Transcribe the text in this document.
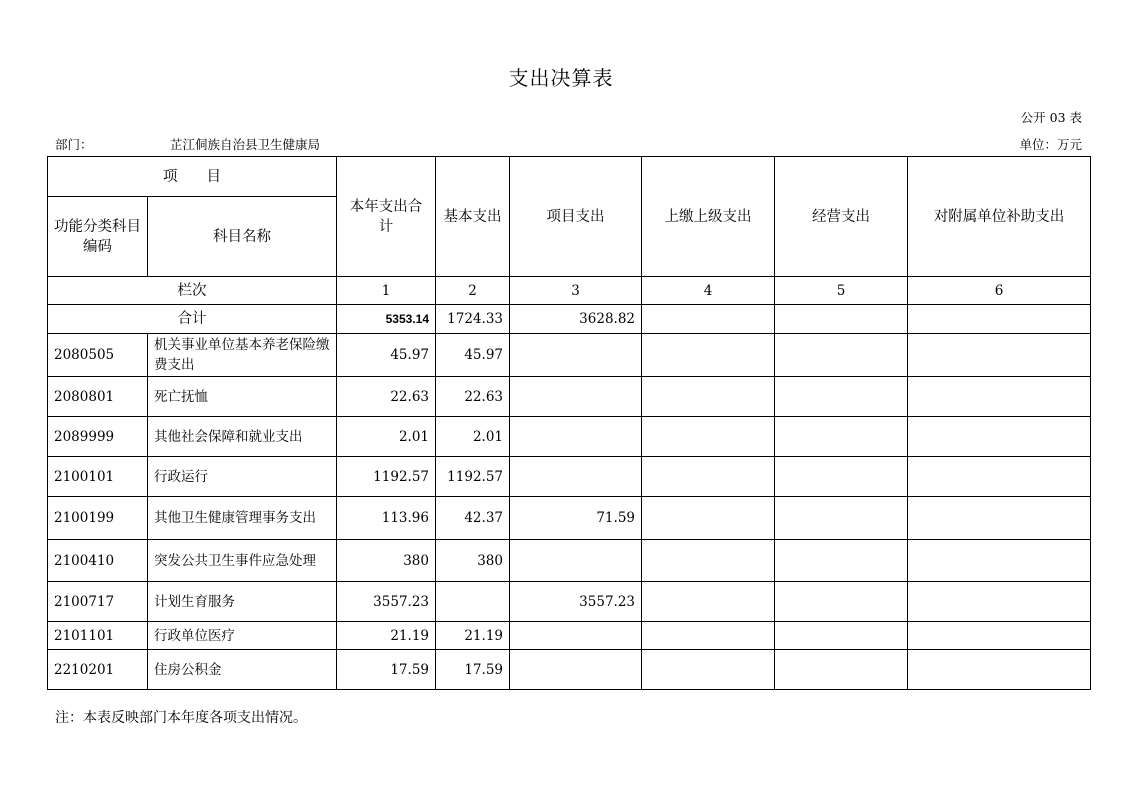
支出决算表
公开 03 表
部门：	芷江侗族自治县卫生健康局	单位：万元
项　　目		本年支出合计	基本支出	项目支出	上缴上级支出	经营支出	对附属单位补助支出
功能分类科目编码	科目名称						
栏次		1	2	3	4	5	6
合计		5353.14	1724.33	3628.82			
2080505	机关事业单位基本养老保险缴费支出	45.97	45.97				
2080801	死亡抚恤	22.63	22.63				
2089999	其他社会保障和就业支出	2.01	2.01				
2100101	行政运行	1192.57	1192.57				
2100199	其他卫生健康管理事务支出	113.96	42.37	71.59			
2100410	突发公共卫生事件应急处理	380	380				
2100717	计划生育服务	3557.23		3557.23			
2101101	行政单位医疗	21.19	21.19				
2210201	住房公积金	17.59	17.59				
注：本表反映部门本年度各项支出情况。
